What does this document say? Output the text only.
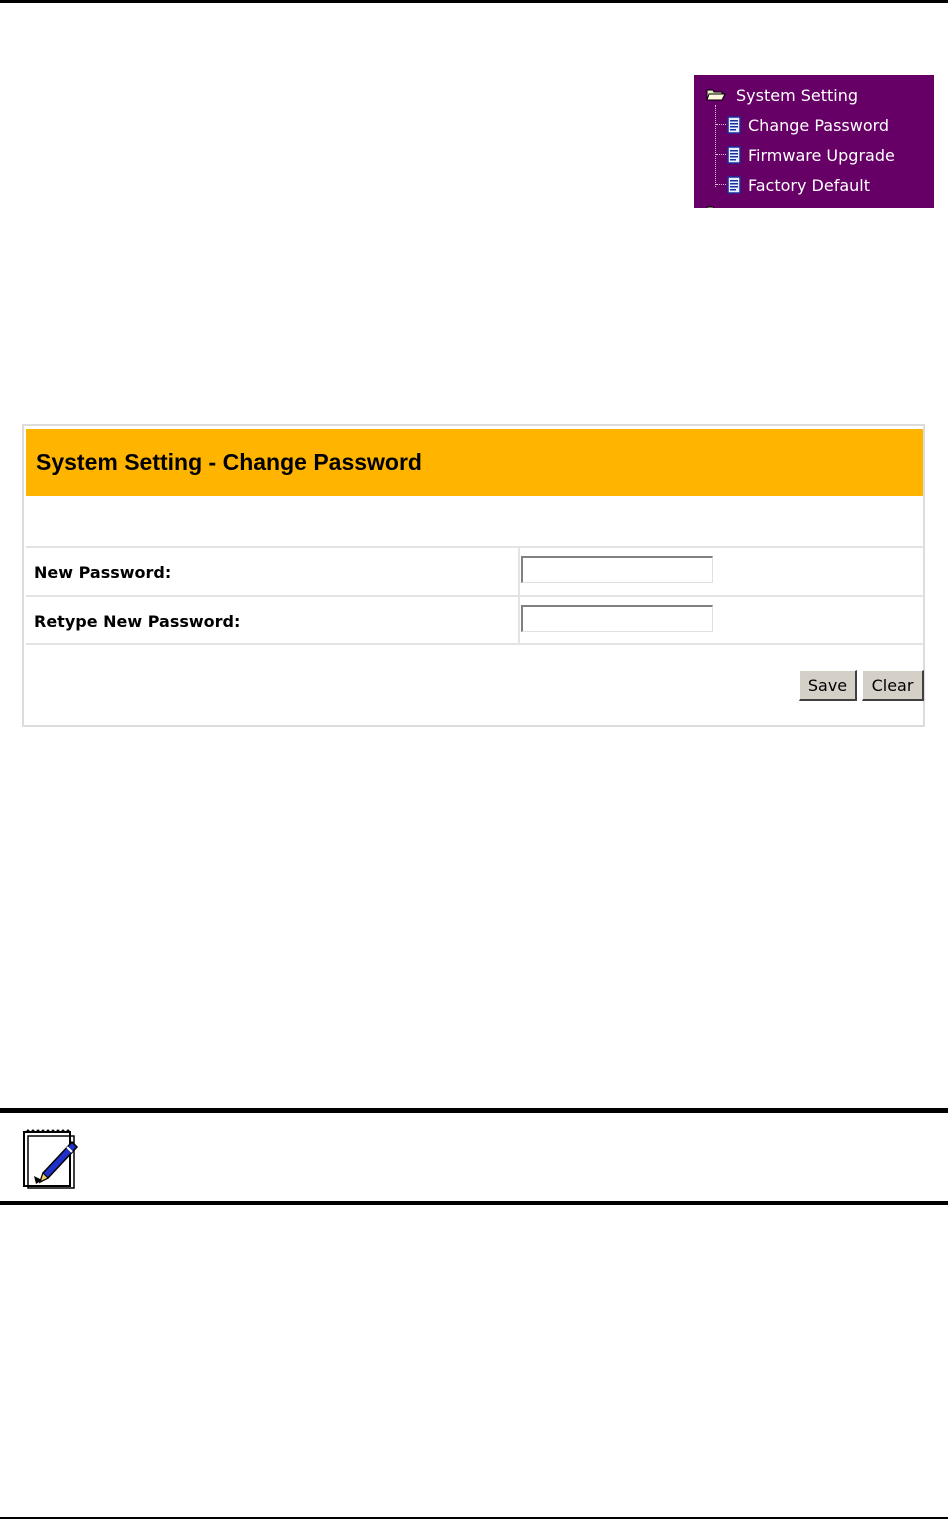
System Setting
Change Password
Firmware Upgrade
Factory Default
System Setting - Change Password
New Password:
Retype New Password:
Save	Clear
